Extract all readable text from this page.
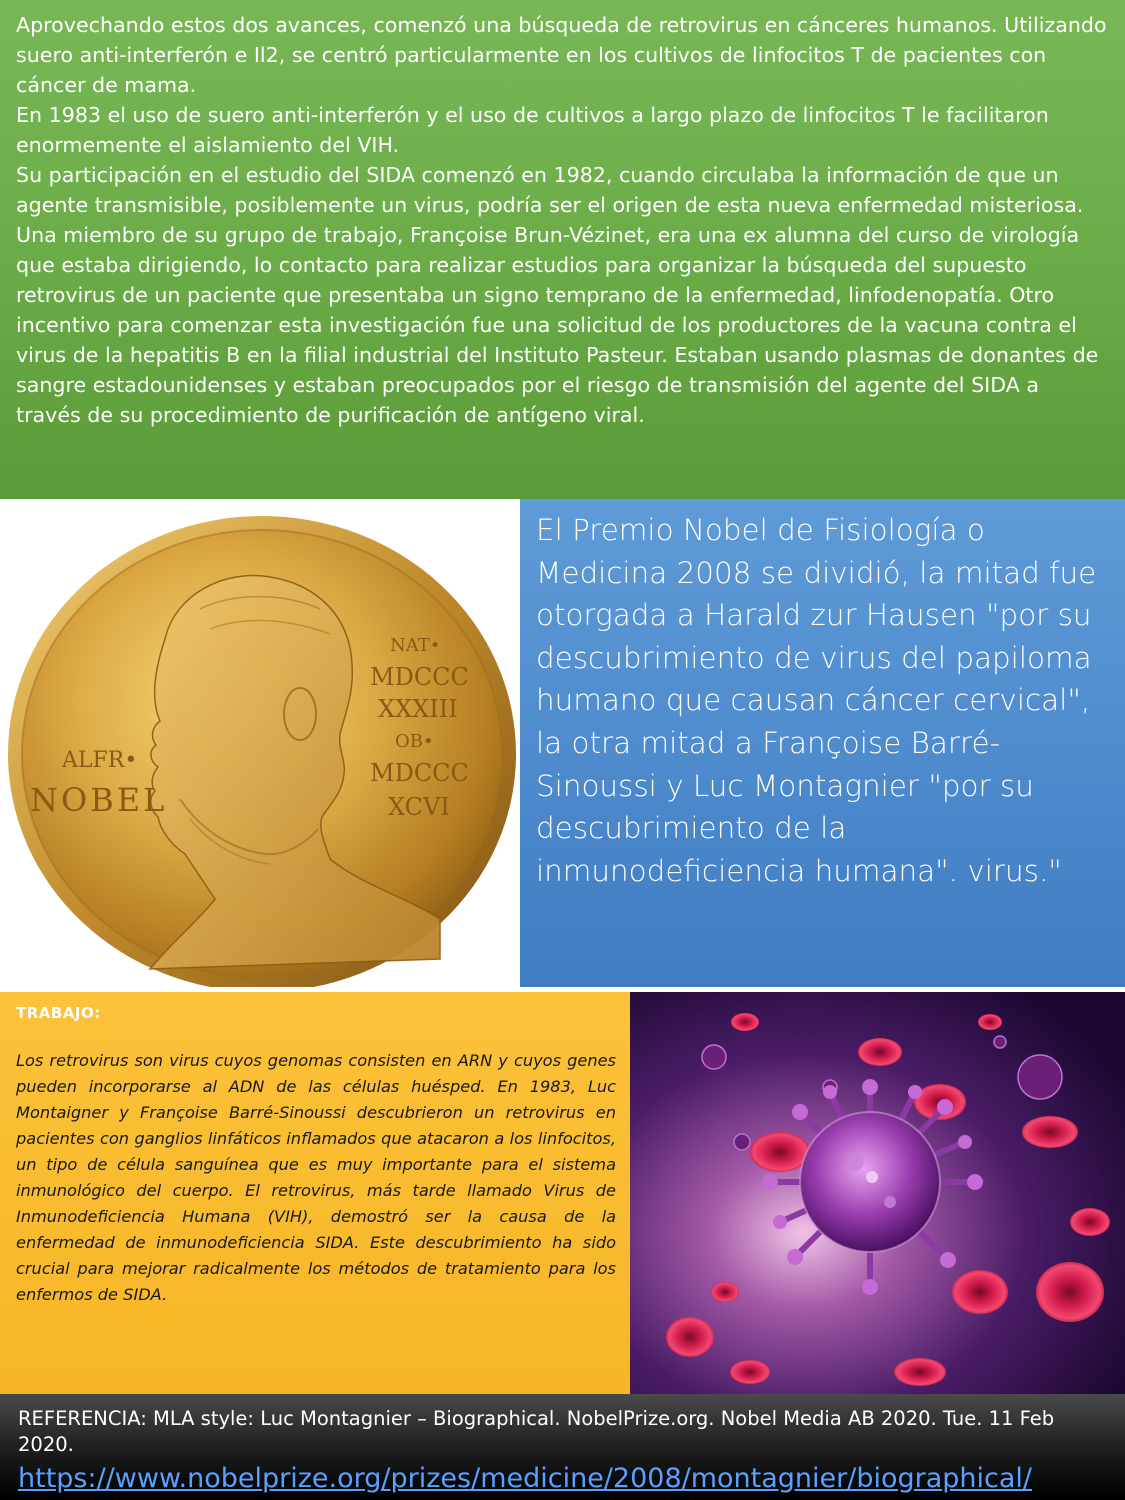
Aprovechando estos dos avances, comenzó una búsqueda de retrovirus en cánceres humanos. Utilizando suero anti-interferón e Il2, se centró particularmente en los cultivos de linfocitos T de pacientes con cáncer de mama.

En 1983 el uso de suero anti-interferón y el uso de cultivos a largo plazo de linfocitos T le facilitaron enormemente el aislamiento del VIH.

Su participación en el estudio del SIDA comenzó en 1982, cuando circulaba la información de que un agente transmisible, posiblemente un virus, podría ser el origen de esta nueva enfermedad misteriosa. Una miembro de su grupo de trabajo, Françoise Brun-Vézinet, era una ex alumna del curso de virología que estaba dirigiendo, lo contacto para realizar estudios para organizar la búsqueda del supuesto retrovirus de un paciente que presentaba un signo temprano de la enfermedad, linfodenopatía. Otro incentivo para comenzar esta investigación fue una solicitud de los productores de la vacuna contra el virus de la hepatitis B en la filial industrial del Instituto Pasteur. Estaban usando plasmas de donantes de sangre estadounidenses y estaban preocupados por el riesgo de transmisión del agente del SIDA a través de su procedimiento de purificación de antígeno viral.

ALFR•
NOBEL
NAT•
MDCCC
XXXIII
OB•
MDCCC
XCVI
El Premio Nobel de Fisiología o Medicina 2008 se dividió, la mitad fue otorgada a Harald zur Hausen "por su descubrimiento de virus del papiloma humano que causan cáncer cervical", la otra mitad a Françoise Barré-Sinoussi y Luc Montagnier "por su descubrimiento de la inmunodeficiencia humana". virus."
TRABAJO:

Los retrovirus son virus cuyos genomas consisten en ARN y cuyos genes pueden incorporarse al ADN de las células huésped. En 1983, Luc Montaigner y Françoise Barré-Sinoussi descubrieron un retrovirus en pacientes con ganglios linfáticos inflamados que atacaron a los linfocitos, un tipo de célula sanguínea que es muy importante para el sistema inmunológico del cuerpo. El retrovirus, más tarde llamado Virus de Inmunodeficiencia Humana (VIH), demostró ser la causa de la enfermedad de inmunodeficiencia SIDA. Este descubrimiento ha sido crucial para mejorar radicalmente los métodos de tratamiento para los enfermos de SIDA.

REFERENCIA: MLA style: Luc Montagnier – Biographical. NobelPrize.org. Nobel Media AB 2020. Tue. 11 Feb 2020.
https://www.nobelprize.org/prizes/medicine/2008/montagnier/biographical/
